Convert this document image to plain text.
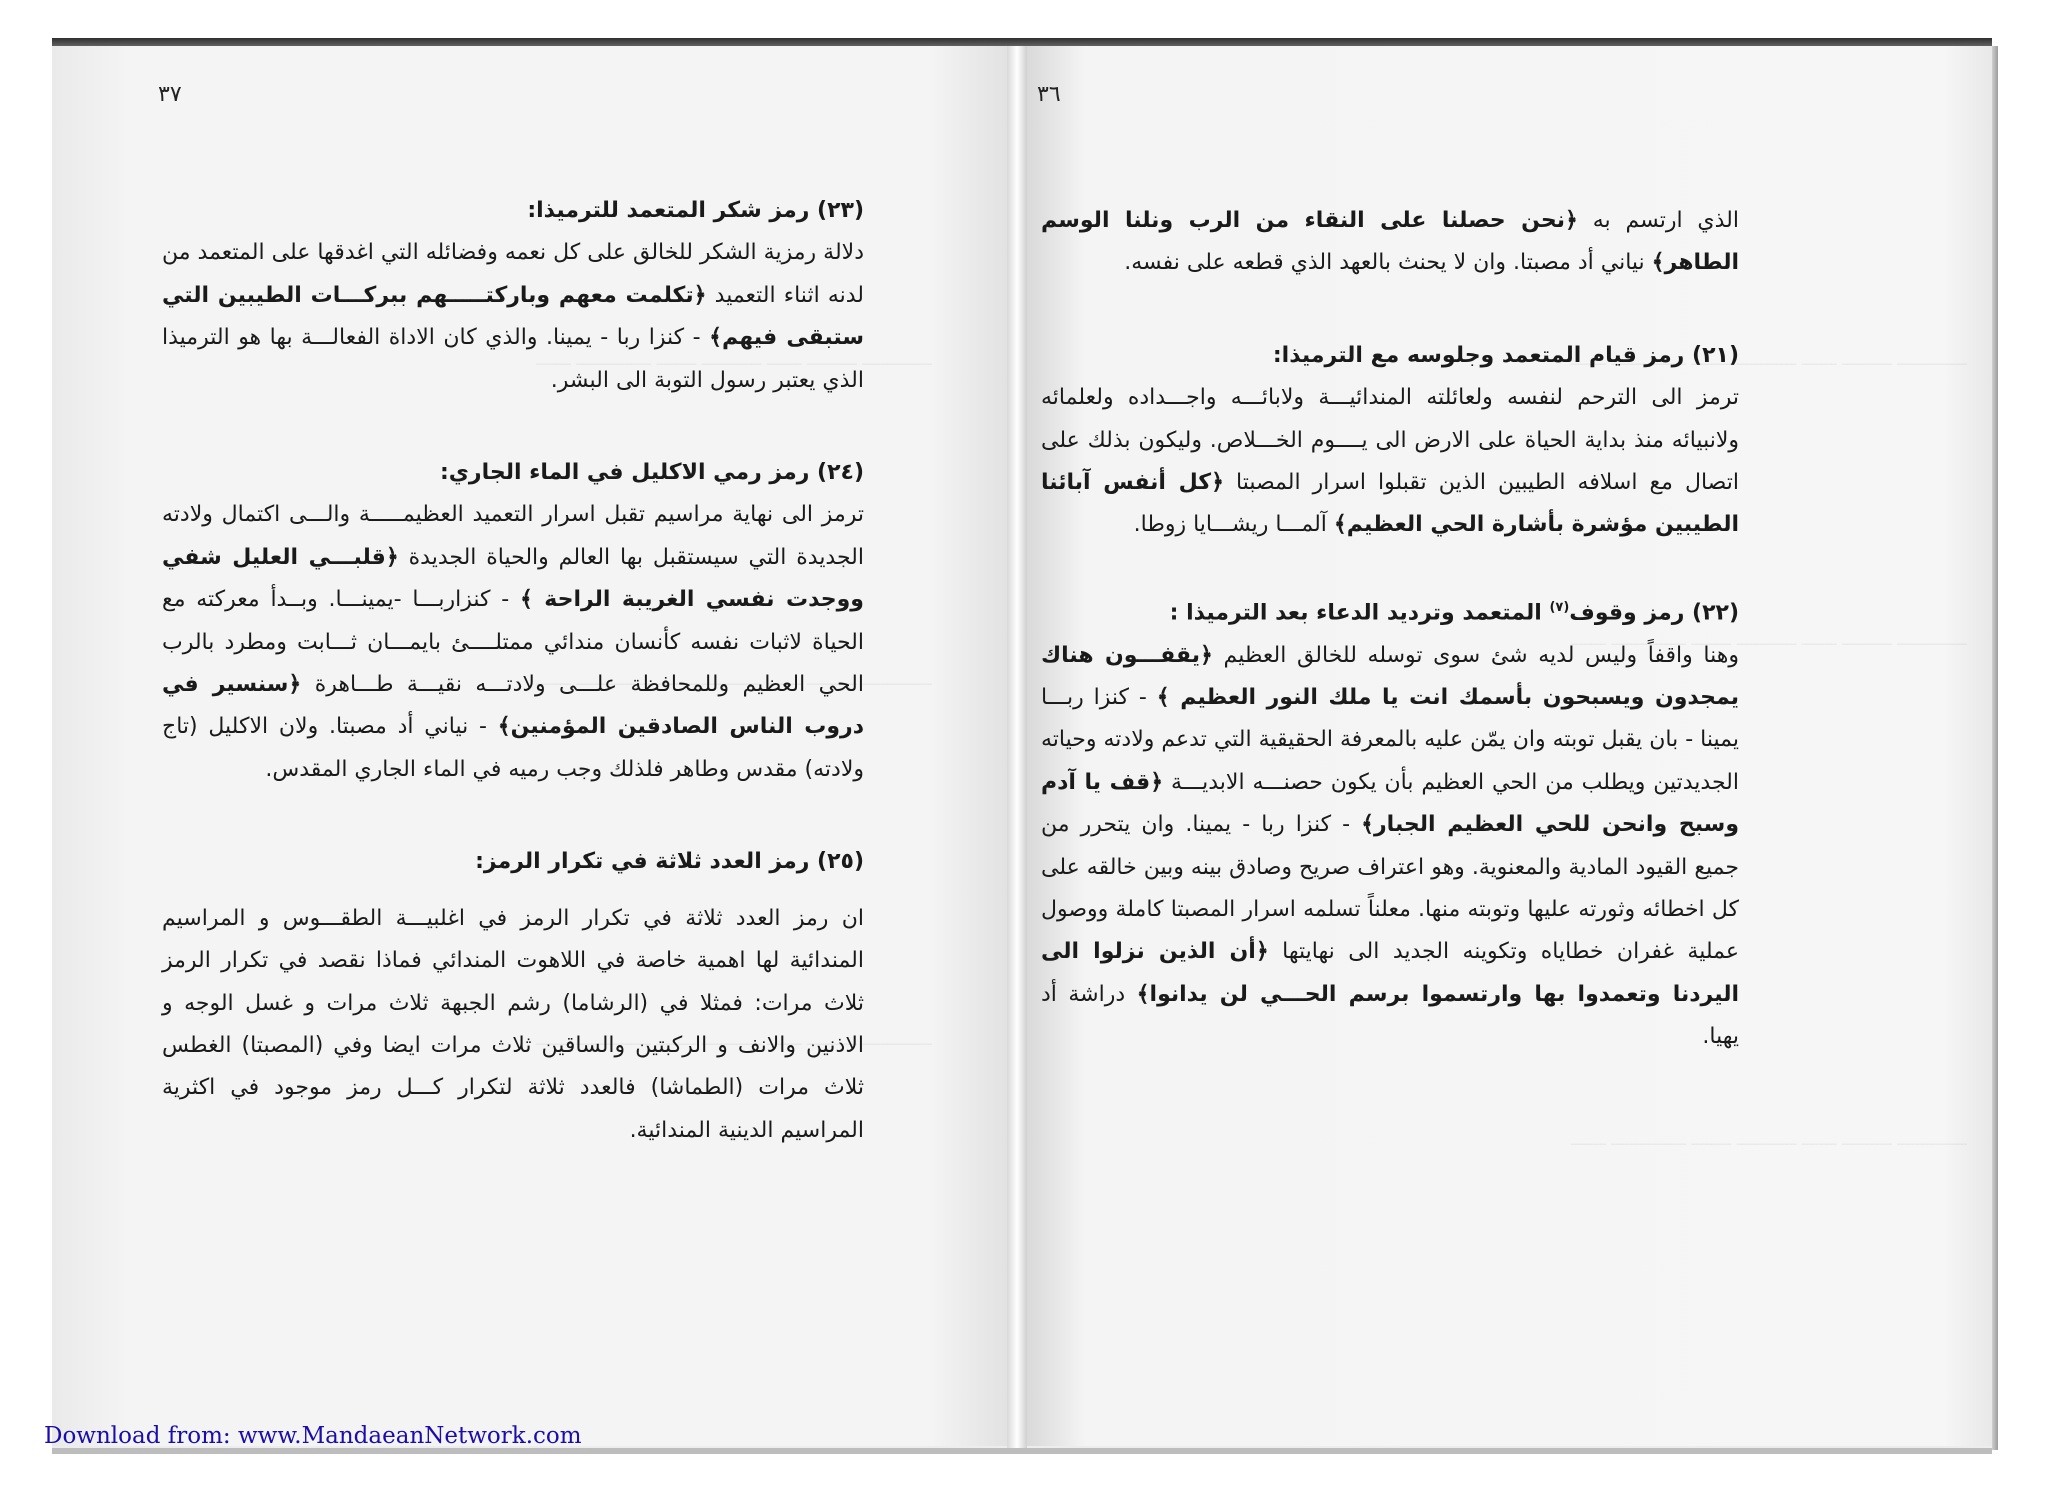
٣٧	٣٦

(٢٣) رمز شكر المتعمد للترميذا:

دلالة رمزية الشكر للخالق على كل نعمه وفضائله التي اغدقها على المتعمد من لدنه اثناء التعميد ﴿تكلمت معهم وباركتـــــهم ببركـــات الطيبين التي ستبقى فيهم﴾ - كنزا ربا - يمينا. والذي كان الاداة الفعالـــة بها هو الترميذا الذي يعتبر رسول التوبة الى البشر.

(٢٤) رمز رمي الاكليل في الماء الجاري:

ترمز الى نهاية مراسيم تقبل اسرار التعميد العظيمـــــة والـــى اكتمال ولادته الجديدة التي سيستقبل بها العالم والحياة الجديدة ﴿قلبـــي العليل شفي ووجدت نفسي الغريبة الراحة ﴾ - كنزاربـــا -يمينـــا. وبــدأ معركته مع الحياة لاثبات نفسه كأنسان مندائي ممتلــــئ بايمـــان ثـــابت ومطرد بالرب الحي العظيم وللمحافظة علـــى ولادتـــه نقيـــة طـــاهرة ﴿سنسير في دروب الناس الصادقين المؤمنين﴾ - نياني أد مصبتا. ولان الاكليل (تاج ولادته) مقدس وطاهر فلذلك وجب رميه في الماء الجاري المقدس.

(٢٥) رمز العدد ثلاثة في تكرار الرمز:

ان رمز العدد ثلاثة في تكرار الرمز في اغلبيـــة الطقـــوس و المراسيم المندائية لها اهمية خاصة في اللاهوت المندائي فماذا نقصد في تكرار الرمز ثلاث مرات: فمثلا في (الرشاما) رشم الجبهة ثلاث مرات و غسل الوجه و الاذنين والانف و الركبتين والساقين ثلاث مرات ايضا وفي (المصبتا) الغطس ثلاث مرات (الطماشا) فالعدد ثلاثة لتكرار كـــل رمز موجود في اكثرية المراسيم الدينية المندائية.

الذي ارتسم به ﴿نحن حصلنا على النقاء من الرب ونلنا الوسم الطاهر﴾ نياني أد مصبتا. وان لا يحنث بالعهد الذي قطعه على نفسه.

(٢١) رمز قيام المتعمد وجلوسه مع الترميذا:

ترمز الى الترحم لنفسه ولعائلته المندائيـــة ولابائـــه واجـــداده ولعلمائه ولانبيائه منذ بداية الحياة على الارض الى يــــوم الخـــلاص. وليكون بذلك على اتصال مع اسلافه الطيبين الذين تقبلوا اسرار المصبتا ﴿كل أنفس آبائنا الطيبين مؤشرة بأشارة الحي العظيم﴾ آلمـــا ريشـــايا زوطا.

(٢٢) رمز وقوف$^{(٧)}$ المتعمد وترديد الدعاء بعد الترميذا :

وهنا واقفاً وليس لديه شئ سوى توسله للخالق العظيم ﴿يقفـــون هناك يمجدون ويسبحون بأسمك انت يا ملك النور العظيم ﴾ - كنزا ربـــا يمينا - بان يقبل توبته وان يمّن عليه بالمعرفة الحقيقية التي تدعم ولادته وحياته الجديدتين ويطلب من الحي العظيم بأن يكون حصنـــه الابديـــة ﴿قف يا آدم وسبح وانحن للحي العظيم الجبار﴾ - كنزا ربا - يمينا. وان يتحرر من جميع القيود المادية والمعنوية. وهو اعتراف صريح وصادق بينه وبين خالقه على كل اخطائه وثورته عليها وتوبته منها. معلناً تسلمه اسرار المصبتا كاملة ووصول عملية غفران خطاياه وتكوينه الجديد الى نهايتها ﴿أن الذين نزلوا الى اليردنا وتعمدوا بها وارتسموا برسم الحـــي لن يدانوا﴾ دراشة أد يهيا.

Download from: www.MandaeanNetwork.com
